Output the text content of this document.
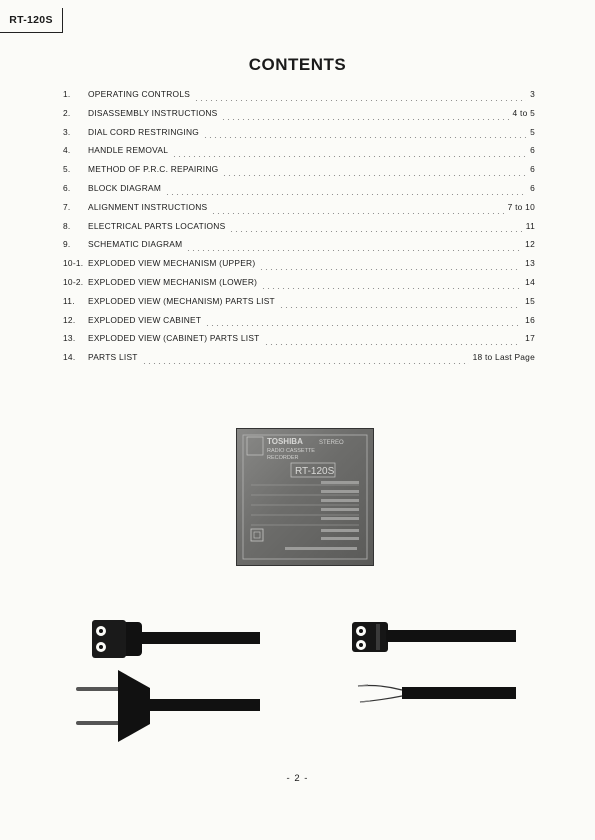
RT-120S
CONTENTS
1.	OPERATING CONTROLS	3
2.	DISASSEMBLY INSTRUCTIONS	4 to 5
3.	DIAL CORD RESTRINGING	5
4.	HANDLE REMOVAL	6
5.	METHOD OF P.R.C. REPAIRING	6
6.	BLOCK DIAGRAM	6
7.	ALIGNMENT INSTRUCTIONS	7 to 10
8.	ELECTRICAL PARTS LOCATIONS	11
9.	SCHEMATIC DIAGRAM	12
10-1. EXPLODED VIEW MECHANISM (UPPER)	13
10-2. EXPLODED VIEW MECHANISM (LOWER)	14
11.	EXPLODED VIEW (MECHANISM) PARTS LIST	15
12.	EXPLODED VIEW CABINET	16
13.	EXPLODED VIEW (CABINET) PARTS LIST	17
14.	PARTS LIST	18 to Last Page
TOSHIBA	STEREO
RADIO CASSETTE
RECORDER
RT-120S
- 2 -
